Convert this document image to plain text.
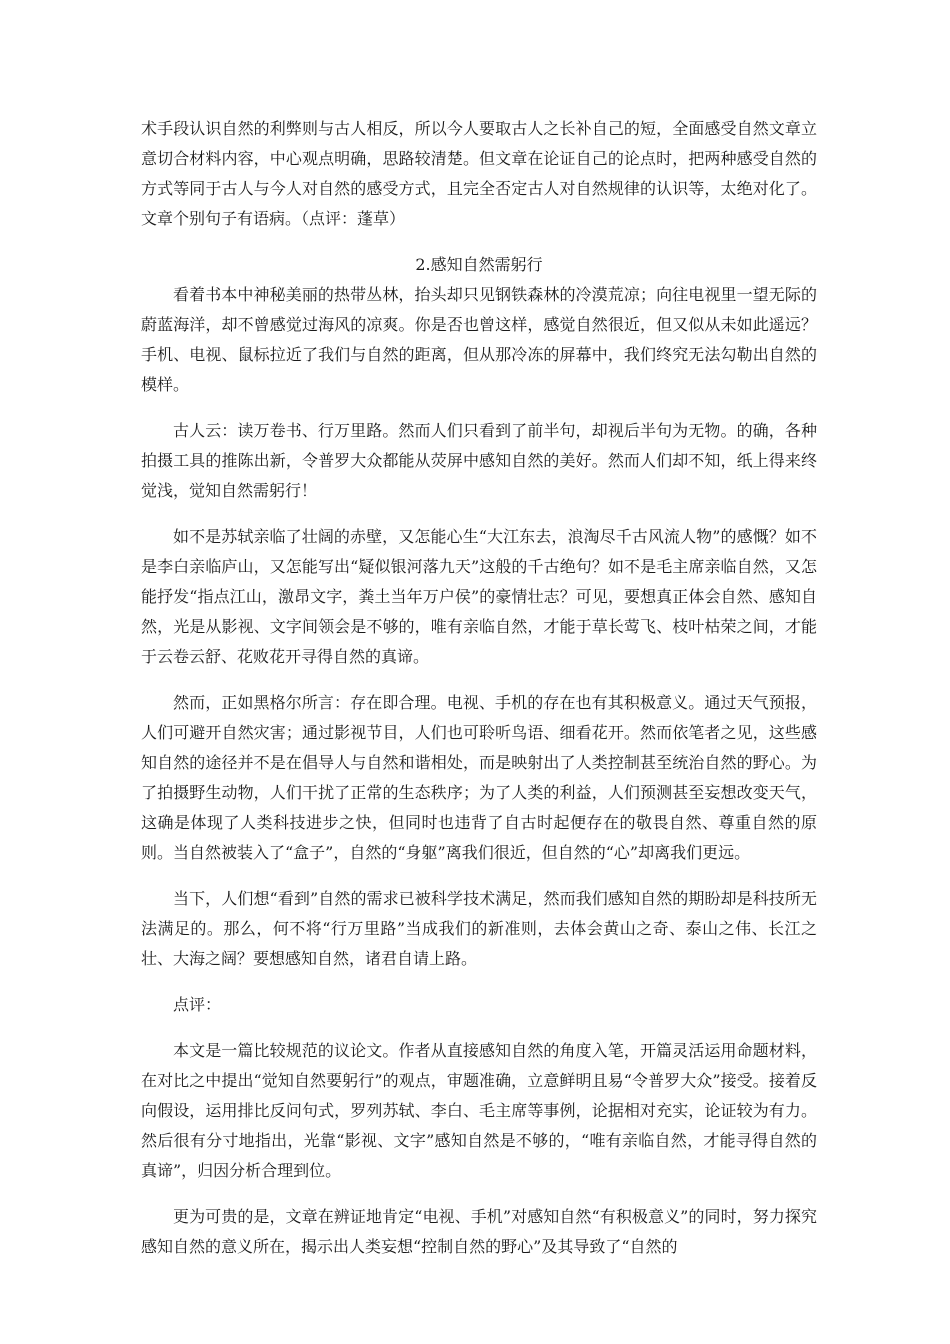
术手段认识自然的利弊则与古人相反，所以今人要取古人之长补自己的短，全面感受自然文章立意切合材料内容，中心观点明确，思路较清楚。但文章在论证自己的论点时，把两种感受自然的方式等同于古人与今人对自然的感受方式，且完全否定古人对自然规律的认识等，太绝对化了。文章个别句子有语病。（点评：蓬草）

2.感知自然需躬行

看着书本中神秘美丽的热带丛林，抬头却只见钢铁森林的冷漠荒凉；向往电视里一望无际的蔚蓝海洋，却不曾感觉过海风的凉爽。你是否也曾这样，感觉自然很近，但又似从未如此遥远？手机、电视、鼠标拉近了我们与自然的距离，但从那冷冻的屏幕中，我们终究无法勾勒出自然的模样。

古人云：读万卷书、行万里路。然而人们只看到了前半句，却视后半句为无物。的确，各种拍摄工具的推陈出新，令普罗大众都能从荧屏中感知自然的美好。然而人们却不知，纸上得来终觉浅，觉知自然需躬行！

如不是苏轼亲临了壮阔的赤壁，又怎能心生“大江东去，浪淘尽千古风流人物”的感慨？如不是李白亲临庐山，又怎能写出“疑似银河落九天”这般的千古绝句？如不是毛主席亲临自然，又怎能抒发“指点江山，激昂文字，粪土当年万户侯”的豪情壮志？可见，要想真正体会自然、感知自然，光是从影视、文字间领会是不够的，唯有亲临自然，才能于草长莺飞、枝叶枯荣之间，才能于云卷云舒、花败花开寻得自然的真谛。

然而，正如黑格尔所言：存在即合理。电视、手机的存在也有其积极意义。通过天气预报，人们可避开自然灾害；通过影视节目，人们也可聆听鸟语、细看花开。然而依笔者之见，这些感知自然的途径并不是在倡导人与自然和谐相处，而是映射出了人类控制甚至统治自然的野心。为了拍摄野生动物，人们干扰了正常的生态秩序；为了人类的利益，人们预测甚至妄想改变天气，这确是体现了人类科技进步之快，但同时也违背了自古时起便存在的敬畏自然、尊重自然的原则。当自然被装入了“盒子”，自然的“身躯”离我们很近，但自然的“心”却离我们更远。

当下，人们想“看到”自然的需求已被科学技术满足，然而我们感知自然的期盼却是科技所无法满足的。那么，何不将“行万里路”当成我们的新准则，去体会黄山之奇、泰山之伟、长江之壮、大海之阔？要想感知自然，诸君自请上路。

点评：

本文是一篇比较规范的议论文。作者从直接感知自然的角度入笔，开篇灵活运用命题材料，在对比之中提出“觉知自然要躬行”的观点，审题准确，立意鲜明且易“令普罗大众”接受。接着反向假设，运用排比反问句式，罗列苏轼、李白、毛主席等事例，论据相对充实，论证较为有力。然后很有分寸地指出，光靠“影视、文字”感知自然是不够的，“唯有亲临自然，才能寻得自然的真谛”，归因分析合理到位。

更为可贵的是，文章在辨证地肯定“电视、手机”对感知自然“有积极意义”的同时，努力探究感知自然的意义所在，揭示出人类妄想“控制自然的野心”及其导致了“自然的
